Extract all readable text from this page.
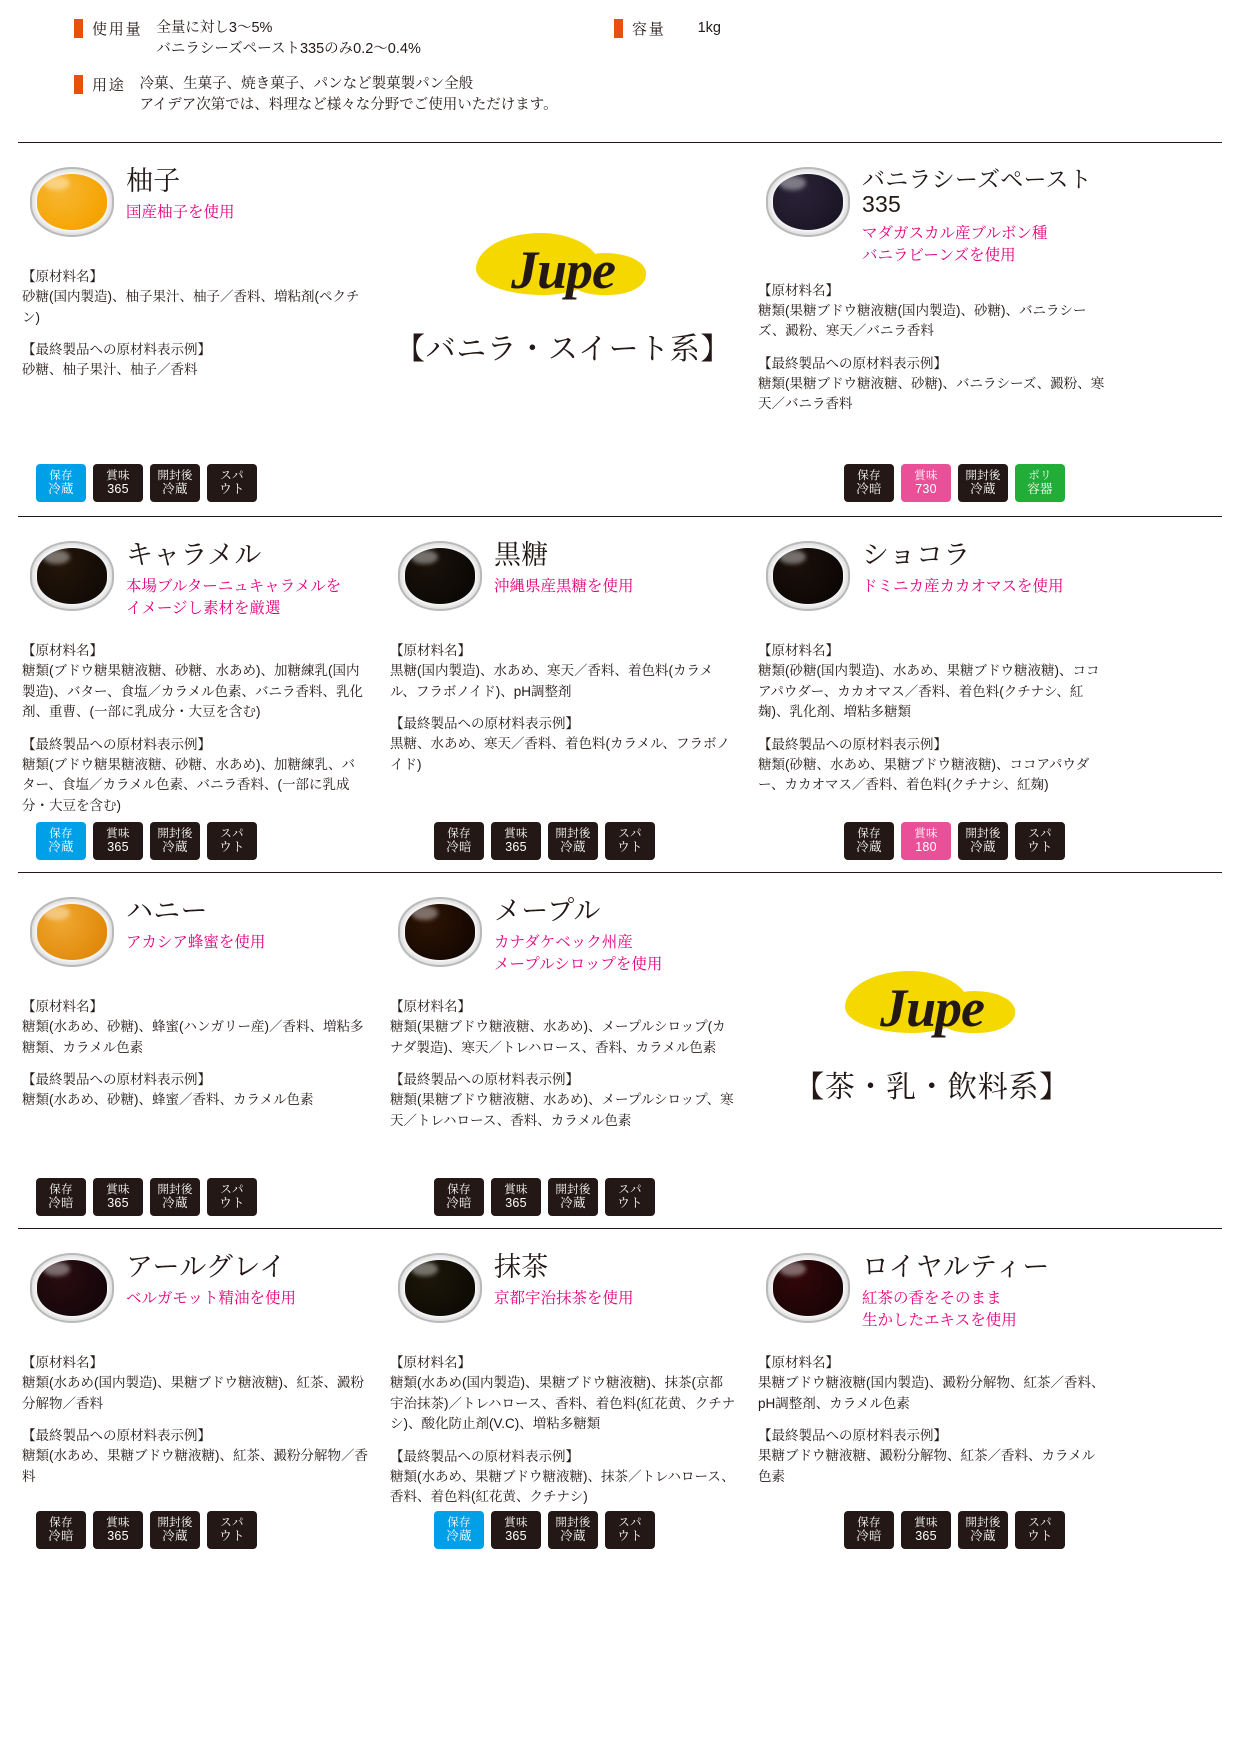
使用量 全量に対し3～5%
バニラシーズペースト335のみ0.2～0.4%
用途 冷菓、生菓子、焼き菓子、パンなど製菓製パン全般
アイデア次第では、料理など様々な分野でご使用いただけます。
容量 1kg
柚子
国産柚子を使用
【原材料名】

砂糖(国内製造)、柚子果汁、柚子／香料、増粘剤(ペクチン)

【最終製品への原材料表示例】

砂糖、柚子果汁、柚子／香料

Jupe
【バニラ・スイート系】
バニラシーズペースト335
マダガスカル産ブルボン種
バニラビーンズを使用
【原材料名】

糖類(果糖ブドウ糖液糖(国内製造)、砂糖)、バニラシーズ、澱粉、寒天／バニラ香料

【最終製品への原材料表示例】

糖類(果糖ブドウ糖液糖、砂糖)、バニラシーズ、澱粉、寒天／バニラ香料

保存
冷蔵
賞味
365
開封後
冷蔵
スパ
ウト
保存
冷暗
賞味
730
開封後
冷蔵
ポリ
容器
キャラメル
本場ブルターニュキャラメルを
イメージし素材を厳選
【原材料名】

糖類(ブドウ糖果糖液糖、砂糖、水あめ)、加糖練乳(国内製造)、バター、食塩／カラメル色素、バニラ香料、乳化剤、重曹、(一部に乳成分・大豆を含む)

【最終製品への原材料表示例】

糖類(ブドウ糖果糖液糖、砂糖、水あめ)、加糖練乳、バター、食塩／カラメル色素、バニラ香料、(一部に乳成分・大豆を含む)

黒糖
沖縄県産黒糖を使用
【原材料名】

黒糖(国内製造)、水あめ、寒天／香料、着色料(カラメル、フラボノイド)、pH調整剤

【最終製品への原材料表示例】

黒糖、水あめ、寒天／香料、着色料(カラメル、フラボノイド)

ショコラ
ドミニカ産カカオマスを使用
【原材料名】

糖類(砂糖(国内製造)、水あめ、果糖ブドウ糖液糖)、ココアパウダー、カカオマス／香料、着色料(クチナシ、紅麹)、乳化剤、増粘多糖類

【最終製品への原材料表示例】

糖類(砂糖、水あめ、果糖ブドウ糖液糖)、ココアパウダー、カカオマス／香料、着色料(クチナシ、紅麹)

保存
冷蔵
賞味
365
開封後
冷蔵
スパ
ウト
保存
冷暗
賞味
365
開封後
冷蔵
スパ
ウト
保存
冷蔵
賞味
180
開封後
冷蔵
スパ
ウト
ハニー
アカシア蜂蜜を使用
【原材料名】

糖類(水あめ、砂糖)、蜂蜜(ハンガリー産)／香料、増粘多糖類、カラメル色素

【最終製品への原材料表示例】

糖類(水あめ、砂糖)、蜂蜜／香料、カラメル色素

メープル
カナダケベック州産
メープルシロップを使用
【原材料名】

糖類(果糖ブドウ糖液糖、水あめ)、メープルシロップ(カナダ製造)、寒天／トレハロース、香料、カラメル色素

【最終製品への原材料表示例】

糖類(果糖ブドウ糖液糖、水あめ)、メープルシロップ、寒天／トレハロース、香料、カラメル色素

Jupe
【茶・乳・飲料系】
保存
冷暗
賞味
365
開封後
冷蔵
スパ
ウト
保存
冷暗
賞味
365
開封後
冷蔵
スパ
ウト
アールグレイ
ベルガモット精油を使用
【原材料名】

糖類(水あめ(国内製造)、果糖ブドウ糖液糖)、紅茶、澱粉分解物／香料

【最終製品への原材料表示例】

糖類(水あめ、果糖ブドウ糖液糖)、紅茶、澱粉分解物／香料

抹茶
京都宇治抹茶を使用
【原材料名】

糖類(水あめ(国内製造)、果糖ブドウ糖液糖)、抹茶(京都宇治抹茶)／トレハロース、香料、着色料(紅花黄、クチナシ)、酸化防止剤(V.C)、増粘多糖類

【最終製品への原材料表示例】

糖類(水あめ、果糖ブドウ糖液糖)、抹茶／トレハロース、香料、着色料(紅花黄、クチナシ)

ロイヤルティー
紅茶の香をそのまま
生かしたエキスを使用
【原材料名】

果糖ブドウ糖液糖(国内製造)、澱粉分解物、紅茶／香料、pH調整剤、カラメル色素

【最終製品への原材料表示例】

果糖ブドウ糖液糖、澱粉分解物、紅茶／香料、カラメル色素

保存
冷暗
賞味
365
開封後
冷蔵
スパ
ウト
保存
冷蔵
賞味
365
開封後
冷蔵
スパ
ウト
保存
冷暗
賞味
365
開封後
冷蔵
スパ
ウト
